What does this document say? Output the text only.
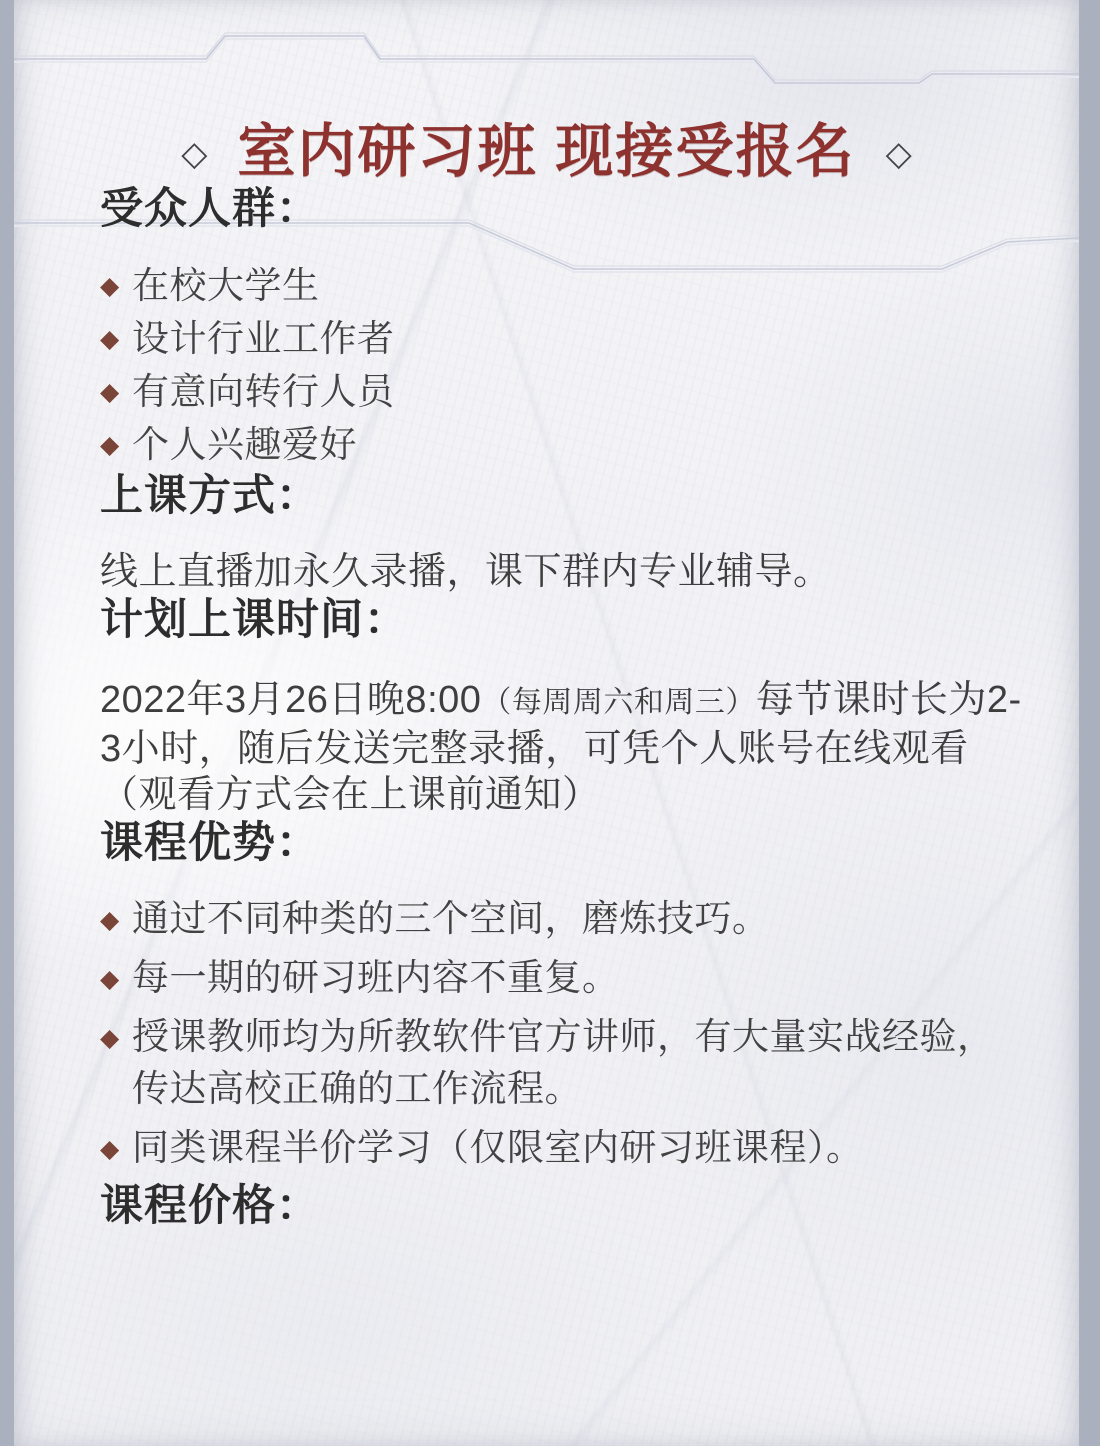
◇ 室内研习班 现接受报名 ◇
受众人群：
◆ 在校大学生
◆ 设计行业工作者
◆ 有意向转行人员
◆ 个人兴趣爱好
上课方式：

线上直播加永久录播，课下群内专业辅导。

计划上课时间：

2022年3月26日晚8:00（每周周六和周三）每节课时长为2-3小时，随后发送完整录播，可凭个人账号在线观看（观看方式会在上课前通知）

课程优势：
◆ 通过不同种类的三个空间，磨炼技巧。
◆ 每一期的研习班内容不重复。
◆ 授课教师均为所教软件官方讲师，有大量实战经验，传达高校正确的工作流程。
◆ 同类课程半价学习（仅限室内研习班课程）。
课程价格：
